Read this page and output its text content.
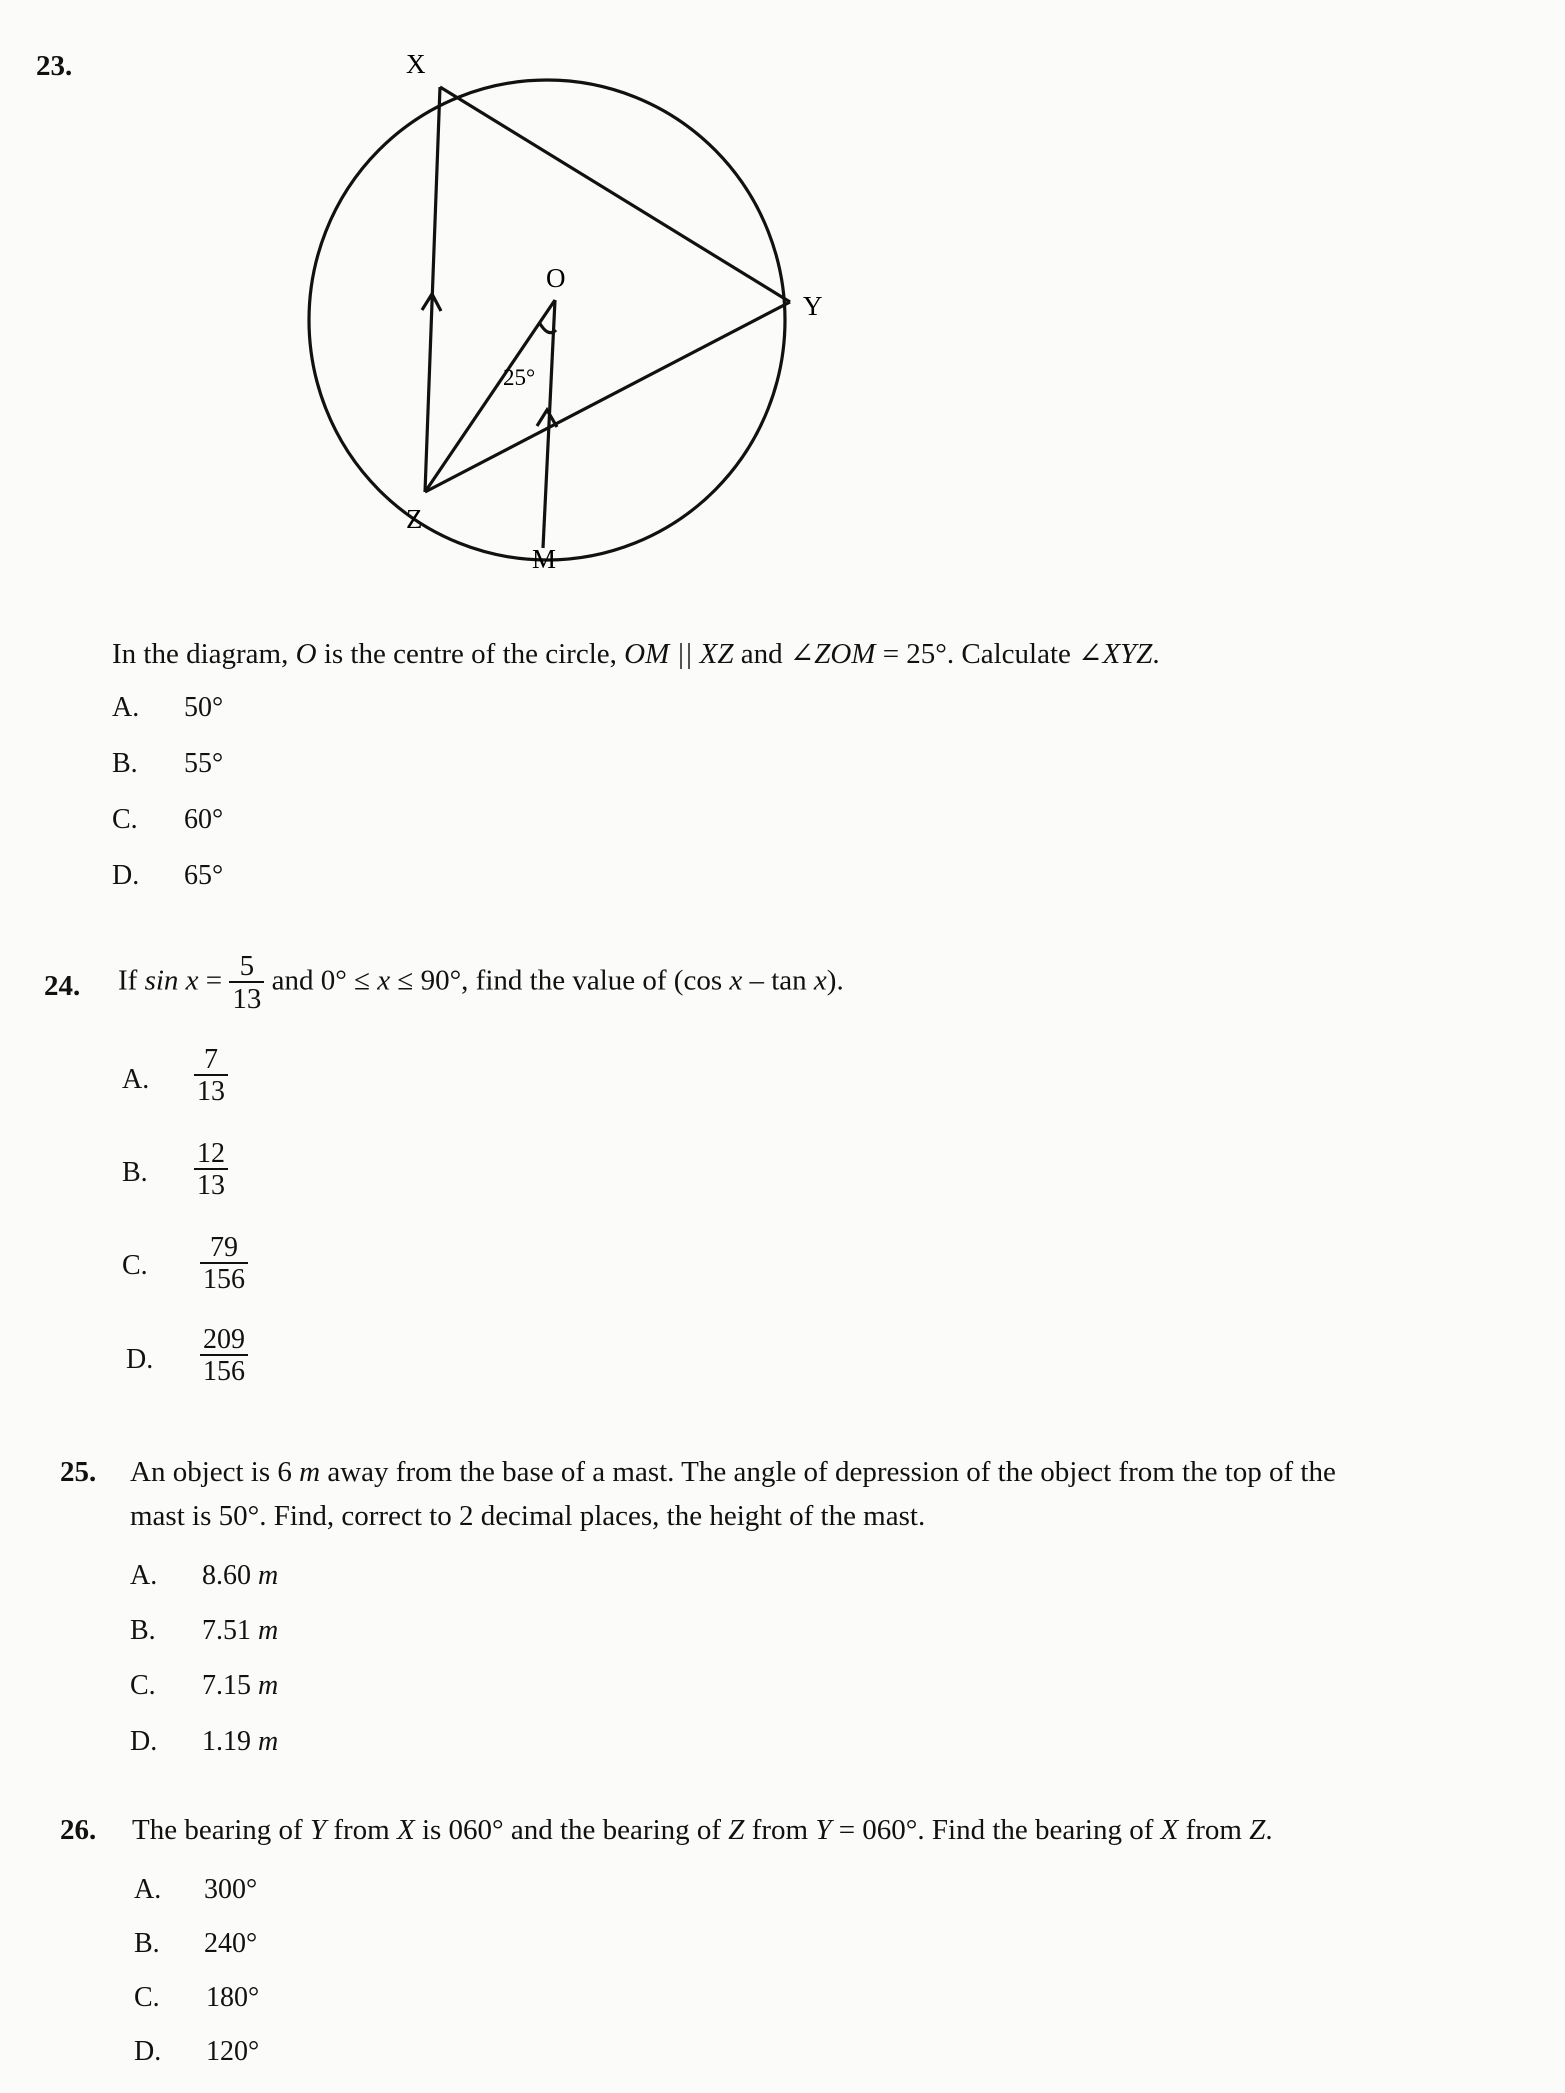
23.	X
Y
Z
O
M
25°
In the diagram, O is the centre of the circle, OM || XZ and ∠ZOM = 25°. Calculate ∠XYZ.
A. 50°
B. 55°
C. 60°
D. 65°
24. If $\sin x = \frac{5}{13}$ and 0° ≤ x ≤ 90°, find the value of (cos x – tan x).
A. $\frac{7}{13}$
B. $\frac{12}{13}$
C. $\frac{79}{156}$
D. $\frac{209}{156}$
25. An object is 6 m away from the base of a mast. The angle of depression of the object from the top of the
mast is 50°. Find, correct to 2 decimal places, the height of the mast.
A. 8.60 m
B. 7.51 m
C. 7.15 m
D. 1.19 m
26. The bearing of Y from X is 060° and the bearing of Z from Y = 060°. Find the bearing of X from Z.
A. 300°
B. 240°
C. 180°
D. 120°
